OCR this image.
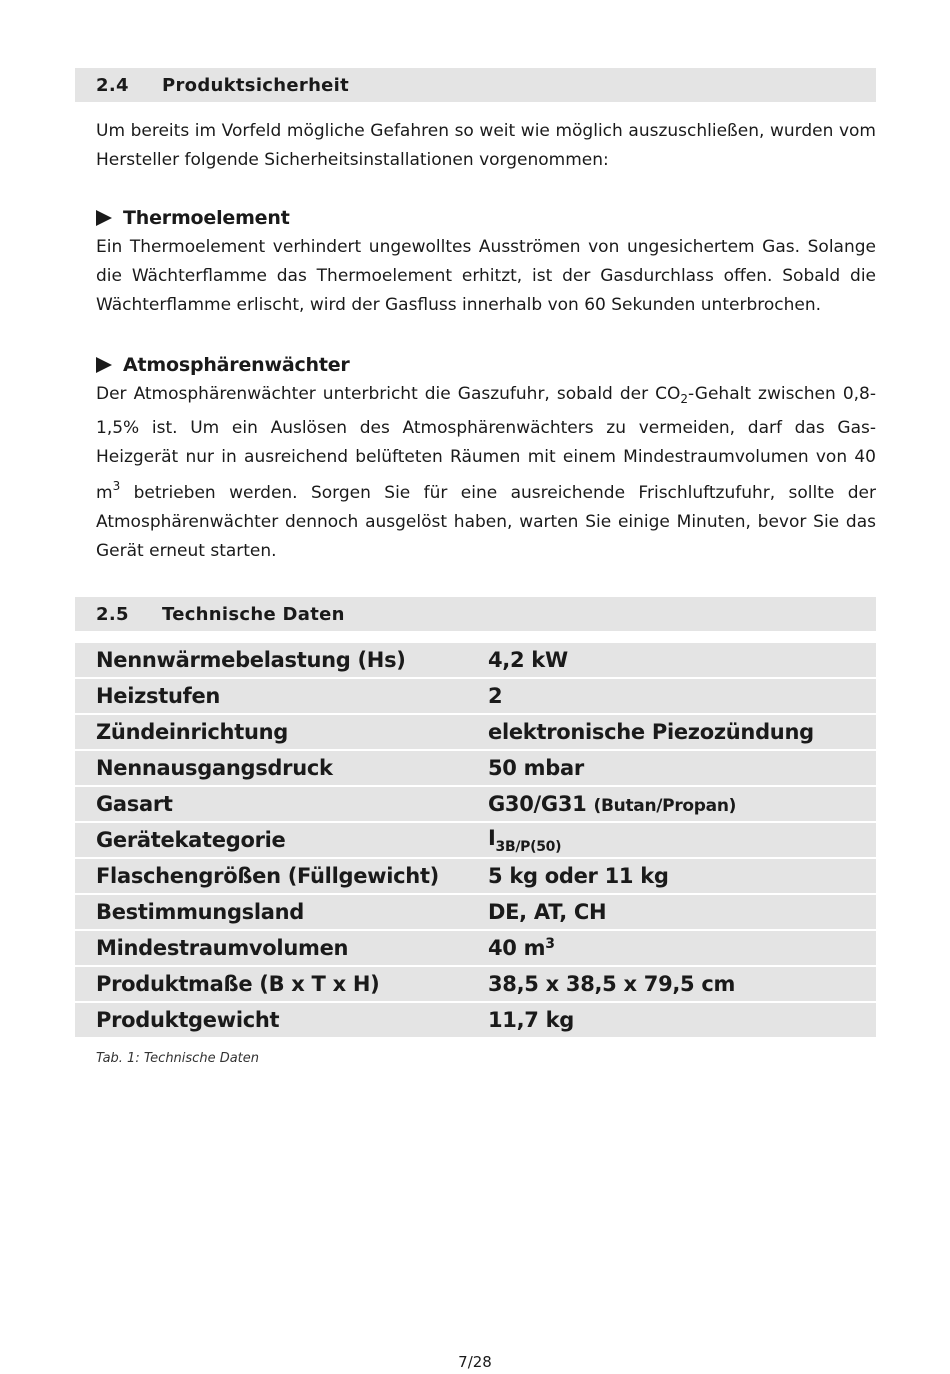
2.4	Produktsicherheit

Um bereits im Vorfeld mögliche Gefahren so weit wie möglich auszuschließen, wurden vom Hersteller folgende Sicherheitsinstallationen vorgenommen:

Thermoelement

Ein Thermoelement verhindert ungewolltes Ausströmen von ungesichertem Gas. Solange die Wächterflamme das Thermoelement erhitzt, ist der Gasdurchlass offen. Sobald die Wächterflamme erlischt, wird der Gasfluss innerhalb von 60 Sekunden unterbrochen.

Atmosphärenwächter

Der Atmosphärenwächter unterbricht die Gaszufuhr, sobald der $CO_2$-Gehalt zwischen 0,8-1,5% ist. Um ein Auslösen des Atmosphärenwächters zu vermeiden, darf das Gas-Heizgerät nur in ausreichend belüfteten Räumen mit einem Mindestraumvolumen von 40 $m^3$ betrieben werden. Sorgen Sie für eine ausreichende Frischluftzufuhr, sollte der Atmosphärenwächter dennoch ausgelöst haben, warten Sie einige Minuten, bevor Sie das Gerät erneut starten.

2.5	Technische Daten
Nennwärmebelastung (Hs)	4,2 kW
Heizstufen	2
Zündeinrichtung	elektronische Piezozündung
Nennausgangsdruck	50 mbar
Gasart	G30/G31 (Butan/Propan)
Gerätekategorie	$I_{3B/P(50)}$
Flaschengrößen (Füllgewicht)	5 kg oder 11 kg
Bestimmungsland	DE, AT, CH
Mindestraumvolumen	40 $m^3$
Produktmaße (B x T x H)	38,5 x 38,5 x 79,5 cm
Produktgewicht	11,7 kg
Tab. 1: Technische Daten
7/28
